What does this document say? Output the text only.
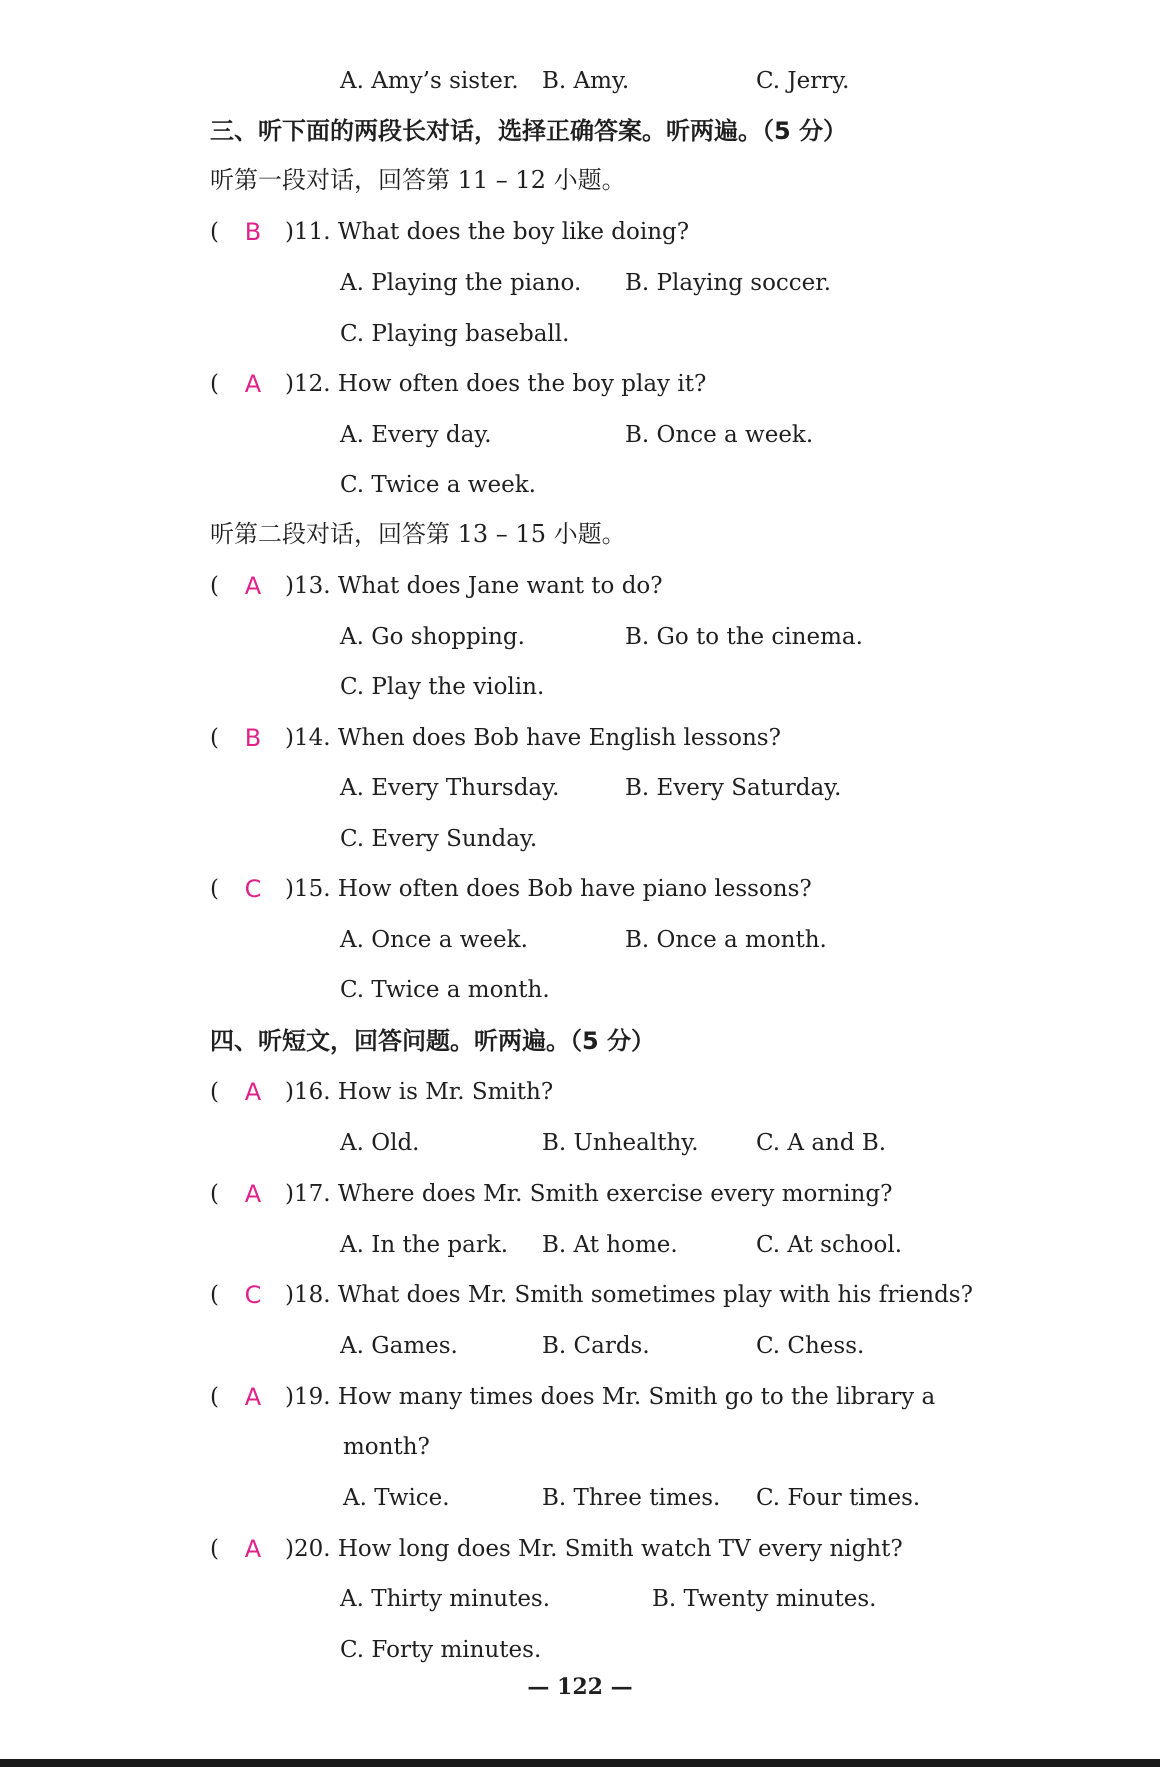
A. Amy’s sister. B. Amy.	C. Jerry.
三、听下面的两段长对话，选择正确答案。听两遍。（5 分）
听第一段对话，回答第 11 – 12 小题。
(	B	)11. What does the boy like doing?
A. Playing the piano. B. Playing soccer.
C. Playing baseball.
(	A	)12. How often does the boy play it?
A. Every day.	B. Once a week.
C. Twice a week.
听第二段对话，回答第 13 – 15 小题。
(	A	)13. What does Jane want to do?
A. Go shopping.	B. Go to the cinema.
C. Play the violin.
(	B	)14. When does Bob have English lessons?
A. Every Thursday.	B. Every Saturday.
C. Every Sunday.
(	C	)15. How often does Bob have piano lessons?
A. Once a week.	B. Once a month.
C. Twice a month.
四、听短文，回答问题。听两遍。（5 分）
(	A	)16. How is Mr. Smith?
A. Old.	B. Unhealthy. C. A and B.
(	A	)17. Where does Mr. Smith exercise every morning?
A. In the park. B. At home.	C. At school.
(	C	)18. What does Mr. Smith sometimes play with his friends?
A. Games.	B. Cards.	C. Chess.
(	A	)19. How many times does Mr. Smith go to the library a
month?
A. Twice.	B. Three times. C. Four times.
(	A	)20. How long does Mr. Smith watch TV every night?
A. Thirty minutes.	B. Twenty minutes.
C. Forty minutes.
— 122 —
